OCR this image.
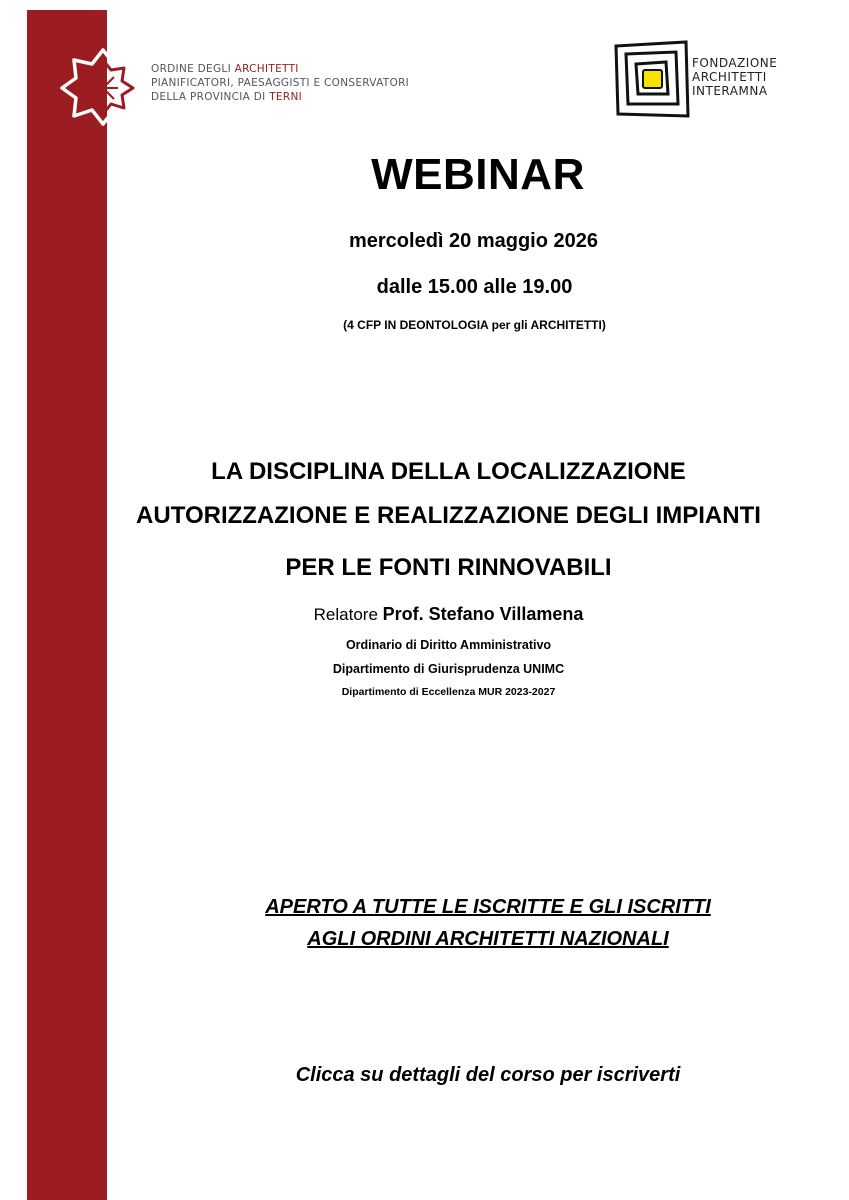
ORDINE DEGLI ARCHITETTI
PIANIFICATORI, PAESAGGISTI E CONSERVATORI
DELLA PROVINCIA DI TERNI
FONDAZIONE
ARCHITETTI
INTERAMNA
WEBINAR
mercoledì 20 maggio 2026
dalle 15.00 alle 19.00
(4 CFP IN DEONTOLOGIA per gli ARCHITETTI)
LA DISCIPLINA DELLA LOCALIZZAZIONE
AUTORIZZAZIONE E REALIZZAZIONE DEGLI IMPIANTI
PER LE FONTI RINNOVABILI
Relatore Prof. Stefano Villamena
Ordinario di Diritto Amministrativo
Dipartimento di Giurisprudenza UNIMC
Dipartimento di Eccellenza MUR 2023-2027
APERTO A TUTTE LE ISCRITTE E GLI ISCRITTI
AGLI ORDINI ARCHITETTI NAZIONALI
Clicca su dettagli del corso per iscriverti
